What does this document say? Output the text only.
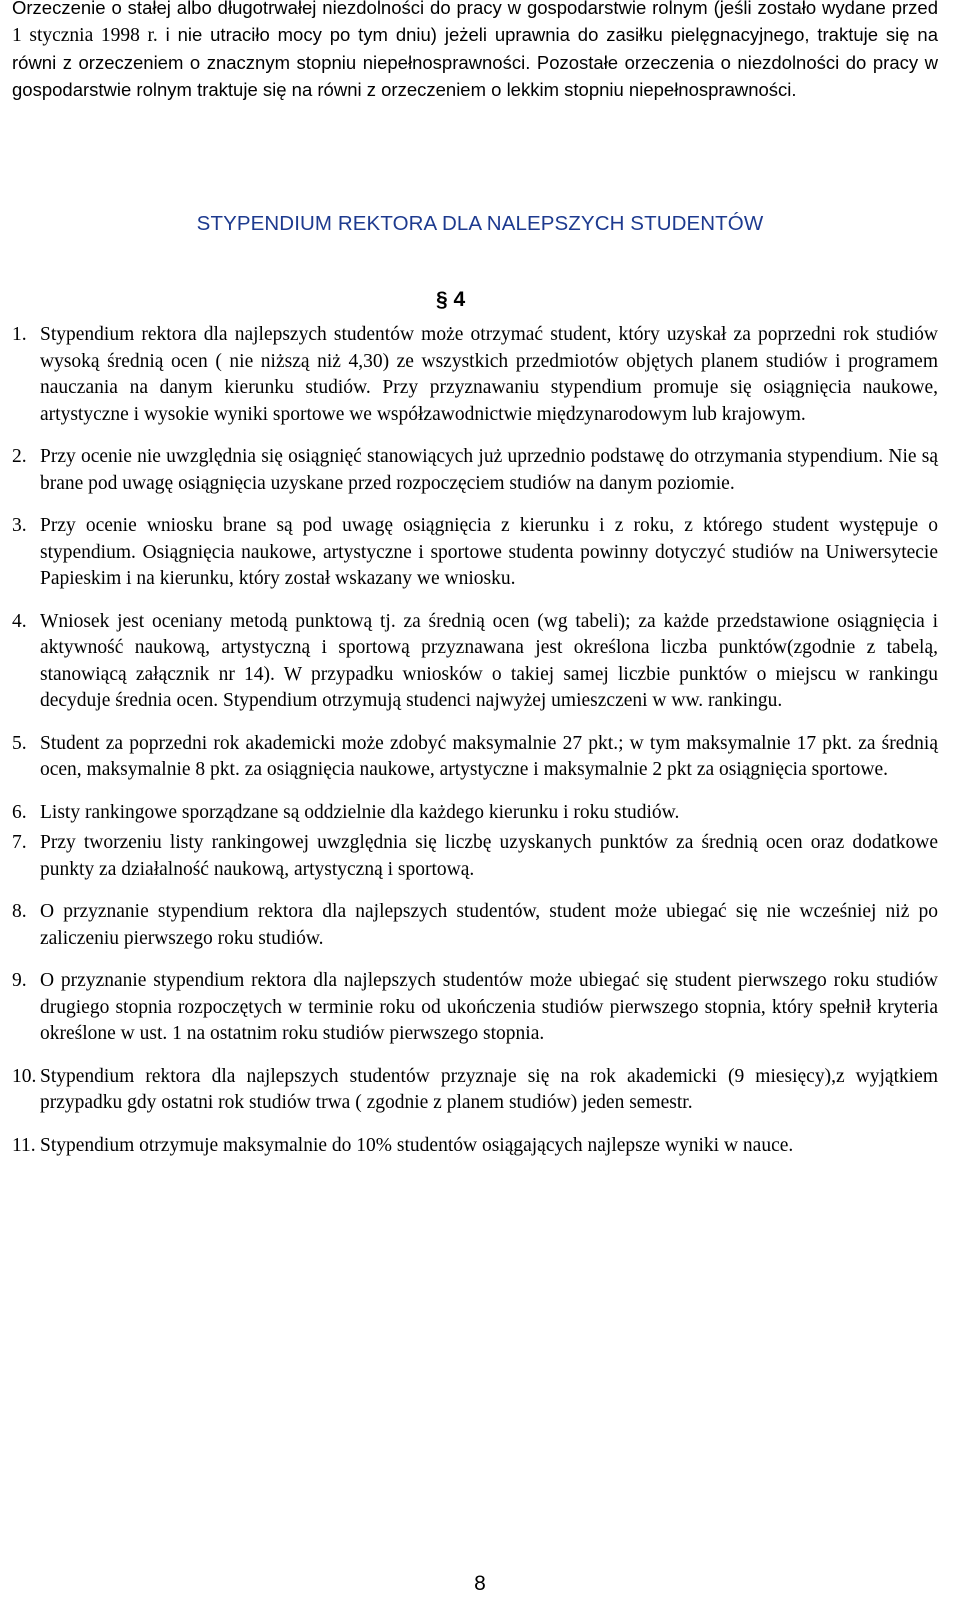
Orzeczenie o stałej albo długotrwałej niezdolności do pracy w gospodarstwie rolnym (jeśli zostało wydane przed 1 stycznia 1998 r. i nie utraciło mocy po tym dniu) jeżeli uprawnia do zasiłku pielęgnacyjnego, traktuje się na równi z orzeczeniem o znacznym stopniu niepełnosprawności. Pozostałe orzeczenia o niezdolności do pracy w gospodarstwie rolnym traktuje się na równi z orzeczeniem o lekkim stopniu niepełnosprawności.

STYPENDIUM REKTORA DLA NALEPSZYCH STUDENTÓW
§ 4
1. Stypendium rektora dla najlepszych studentów może otrzymać student, który uzyskał za poprzedni rok studiów wysoką średnią ocen ( nie niższą niż 4,30) ze wszystkich przedmiotów objętych planem studiów i programem nauczania na danym kierunku studiów. Przy przyznawaniu stypendium promuje się osiągnięcia naukowe, artystyczne i wysokie wyniki sportowe we współzawodnictwie międzynarodowym lub krajowym.
2. Przy ocenie nie uwzględnia się osiągnięć stanowiących już uprzednio podstawę do otrzymania stypendium. Nie są brane pod uwagę osiągnięcia uzyskane przed rozpoczęciem studiów na danym poziomie.
3. Przy ocenie wniosku brane są pod uwagę osiągnięcia z kierunku i z roku, z którego student występuje o stypendium. Osiągnięcia naukowe, artystyczne i sportowe studenta powinny dotyczyć studiów na Uniwersytecie Papieskim i na kierunku, który został wskazany we wniosku.
4. Wniosek jest oceniany metodą punktową tj. za średnią ocen (wg tabeli); za każde przedstawione osiągnięcia i aktywność naukową, artystyczną i sportową przyznawana jest określona liczba punktów(zgodnie z tabelą, stanowiącą załącznik nr 14). W przypadku wniosków o takiej samej liczbie punktów o miejscu w rankingu decyduje średnia ocen. Stypendium otrzymują studenci najwyżej umieszczeni w ww. rankingu.
5. Student za poprzedni rok akademicki może zdobyć maksymalnie 27 pkt.; w tym maksymalnie 17 pkt. za średnią ocen, maksymalnie 8 pkt. za osiągnięcia naukowe, artystyczne i maksymalnie 2 pkt za osiągnięcia sportowe.
6. Listy rankingowe sporządzane są oddzielnie dla każdego kierunku i roku studiów.
7. Przy tworzeniu listy rankingowej uwzględnia się liczbę uzyskanych punktów za średnią ocen oraz dodatkowe punkty za działalność naukową, artystyczną i sportową.
8. O przyznanie stypendium rektora dla najlepszych studentów, student może ubiegać się nie wcześniej niż po zaliczeniu pierwszego roku studiów.
9. O przyznanie stypendium rektora dla najlepszych studentów może ubiegać się student pierwszego roku studiów drugiego stopnia rozpoczętych w terminie roku od ukończenia studiów pierwszego stopnia, który spełnił kryteria określone w ust. 1 na ostatnim roku studiów pierwszego stopnia.
10. Stypendium rektora dla najlepszych studentów przyznaje się na rok akademicki (9 miesięcy),z wyjątkiem przypadku gdy ostatni rok studiów trwa ( zgodnie z planem studiów) jeden semestr.
11. Stypendium otrzymuje maksymalnie do 10% studentów osiągających najlepsze wyniki w nauce.
8
